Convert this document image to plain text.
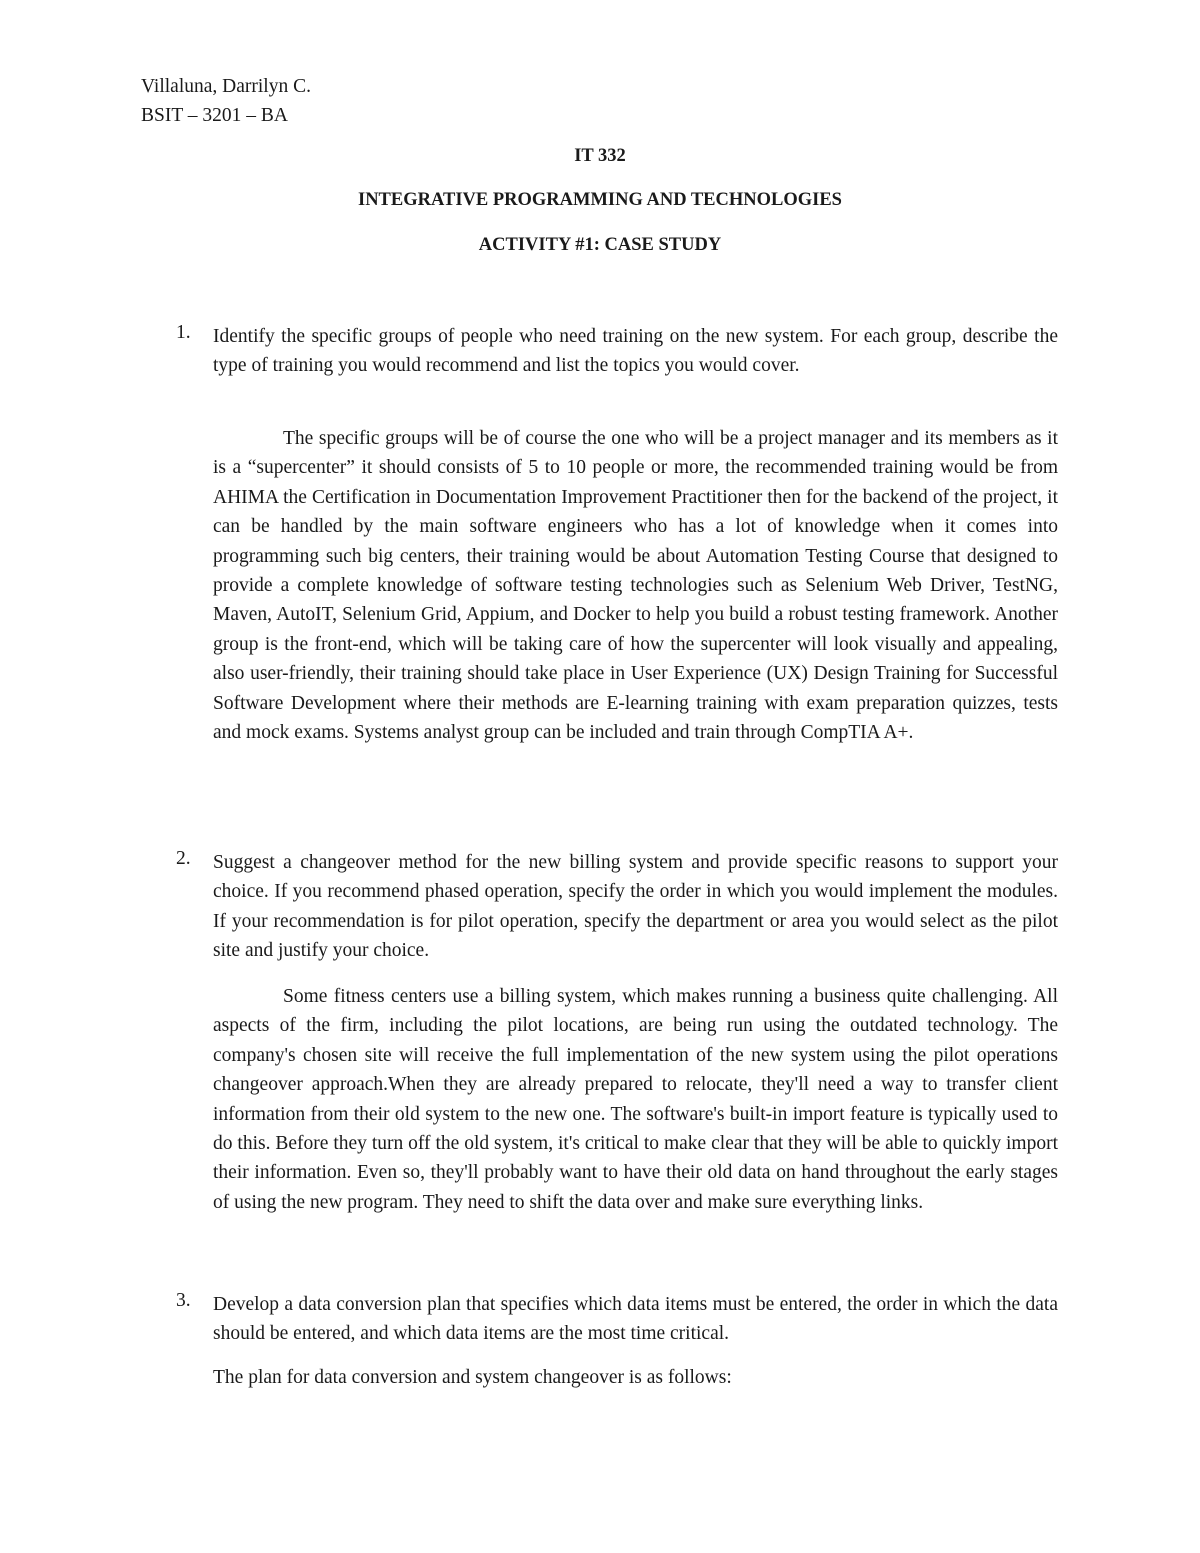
Villaluna, Darrilyn C.
BSIT – 3201 – BA
IT 332
INTEGRATIVE PROGRAMMING AND TECHNOLOGIES
ACTIVITY #1: CASE STUDY
1. Identify the specific groups of people who need training on the new system. For each group, describe the type of training you would recommend and list the topics you would cover.
The specific groups will be of course the one who will be a project manager and its members as it is a “supercenter” it should consists of 5 to 10 people or more, the recommended training would be from AHIMA the Certification in Documentation Improvement Practitioner then for the backend of the project, it can be handled by the main software engineers who has a lot of knowledge when it comes into programming such big centers, their training would be about Automation Testing Course that designed to provide a complete knowledge of software testing technologies such as Selenium Web Driver, TestNG, Maven, AutoIT, Selenium Grid, Appium, and Docker to help you build a robust testing framework. Another group is the front-end, which will be taking care of how the supercenter will look visually and appealing, also user-friendly, their training should take place in User Experience (UX) Design Training for Successful Software Development where their methods are E-learning training with exam preparation quizzes, tests and mock exams. Systems analyst group can be included and train through CompTIA A+.
2. Suggest a changeover method for the new billing system and provide specific reasons to support your choice. If you recommend phased operation, specify the order in which you would implement the modules. If your recommendation is for pilot operation, specify the department or area you would select as the pilot site and justify your choice.
Some fitness centers use a billing system, which makes running a business quite challenging. All aspects of the firm, including the pilot locations, are being run using the outdated technology. The company's chosen site will receive the full implementation of the new system using the pilot operations changeover approach.When they are already prepared to relocate, they'll need a way to transfer client information from their old system to the new one. The software's built-in import feature is typically used to do this. Before they turn off the old system, it's critical to make clear that they will be able to quickly import their information. Even so, they'll probably want to have their old data on hand throughout the early stages of using the new program. They need to shift the data over and make sure everything links.
3. Develop a data conversion plan that specifies which data items must be entered, the order in which the data should be entered, and which data items are the most time critical.
The plan for data conversion and system changeover is as follows:
